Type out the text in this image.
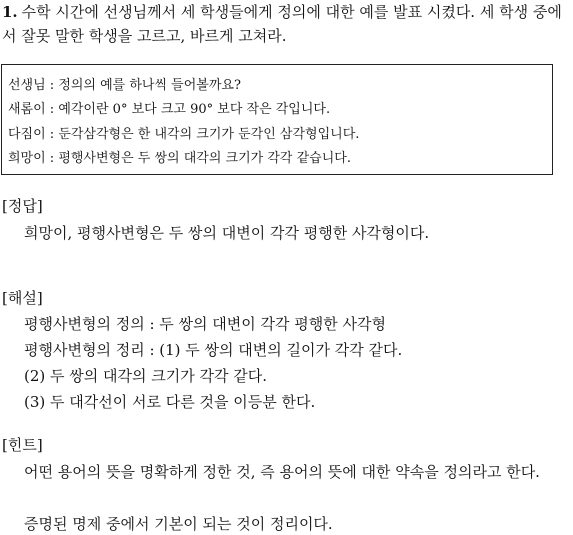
1. 수학 시간에 선생님께서 세 학생들에게 정의에 대한 예를 발표 시켰다. 세 학생 중에서 잘못 말한 학생을 고르고, 바르게 고쳐라.
선생님 : 정의의 예를 하나씩 들어볼까요?
새롬이 : 예각이란 0° 보다 크고 90° 보다 작은 각입니다.
다짐이 : 둔각삼각형은 한 내각의 크기가 둔각인 삼각형입니다.
희망이 : 평행사변형은 두 쌍의 대각의 크기가 각각 같습니다.
[정답]
희망이, 평행사변형은 두 쌍의 대변이 각각 평행한 사각형이다.
[해설]
평행사변형의 정의 : 두 쌍의 대변이 각각 평행한 사각형
평행사변형의 정리 : (1) 두 쌍의 대변의 길이가 각각 같다.
(2) 두 쌍의 대각의 크기가 각각 같다.
(3) 두 대각선이 서로 다른 것을 이등분 한다.
[힌트]
어떤 용어의 뜻을 명확하게 정한 것, 즉 용어의 뜻에 대한 약속을 정의라고 한다.
증명된 명제 중에서 기본이 되는 것이 정리이다.
